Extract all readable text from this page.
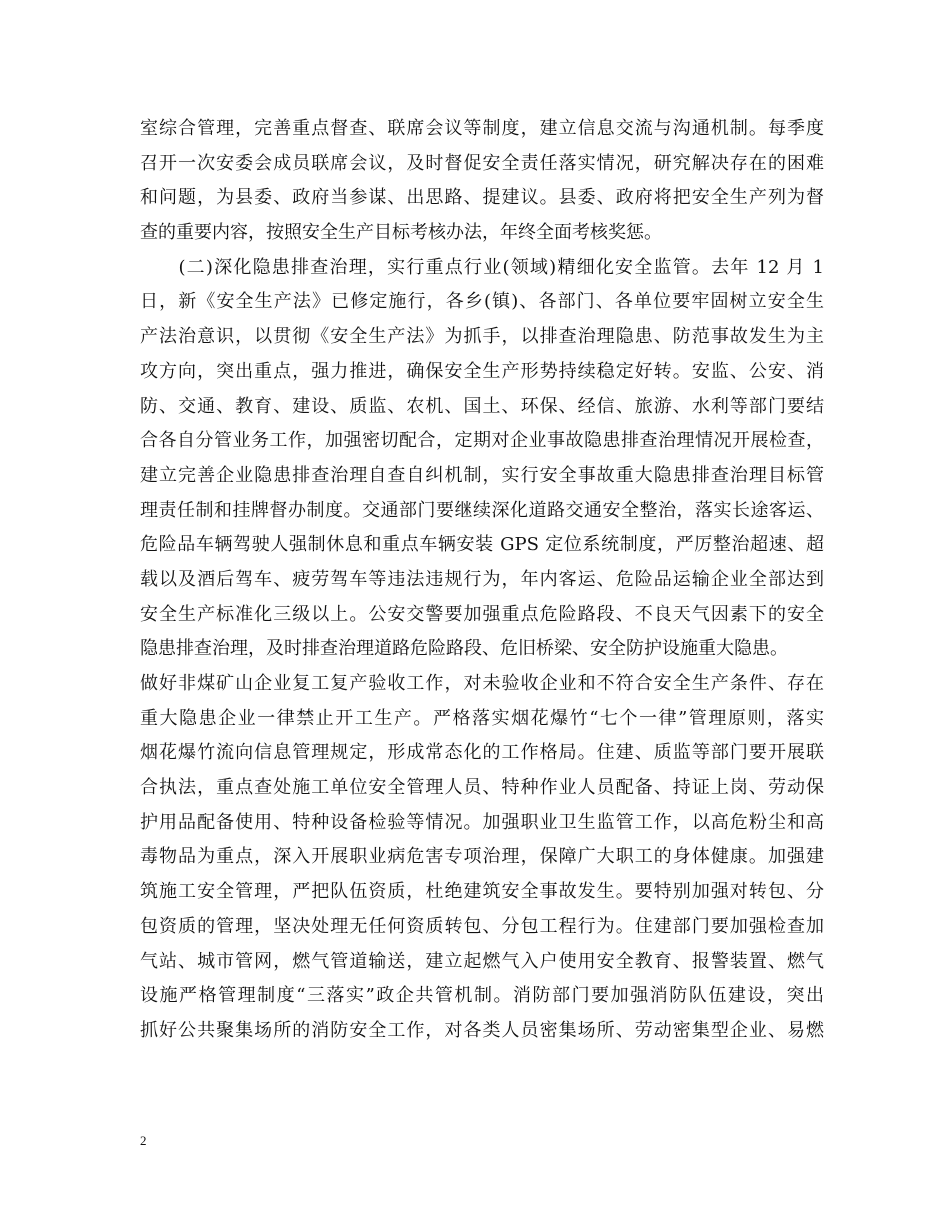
室综合管理，完善重点督查、联席会议等制度，建立信息交流与沟通机制。每季度
召开一次安委会成员联席会议，及时督促安全责任落实情况，研究解决存在的困难
和问题，为县委、政府当参谋、出思路、提建议。县委、政府将把安全生产列为督
查的重要内容，按照安全生产目标考核办法，年终全面考核奖惩。
　　(二)深化隐患排查治理，实行重点行业(领域)精细化安全监管。去年 12 月 1
日，新《安全生产法》已修定施行，各乡(镇)、各部门、各单位要牢固树立安全生
产法治意识，以贯彻《安全生产法》为抓手，以排查治理隐患、防范事故发生为主
攻方向，突出重点，强力推进，确保安全生产形势持续稳定好转。安监、公安、消
防、交通、教育、建设、质监、农机、国土、环保、经信、旅游、水利等部门要结
合各自分管业务工作，加强密切配合，定期对企业事故隐患排查治理情况开展检查，
建立完善企业隐患排查治理自查自纠机制，实行安全事故重大隐患排查治理目标管
理责任制和挂牌督办制度。交通部门要继续深化道路交通安全整治，落实长途客运、
危险品车辆驾驶人强制休息和重点车辆安装 GPS 定位系统制度，严厉整治超速、超
载以及酒后驾车、疲劳驾车等违法违规行为，年内客运、危险品运输企业全部达到
安全生产标准化三级以上。公安交警要加强重点危险路段、不良天气因素下的安全
隐患排查治理，及时排查治理道路危险路段、危旧桥梁、安全防护设施重大隐患。
做好非煤矿山企业复工复产验收工作，对未验收企业和不符合安全生产条件、存在
重大隐患企业一律禁止开工生产。严格落实烟花爆竹“七个一律”管理原则，落实
烟花爆竹流向信息管理规定，形成常态化的工作格局。住建、质监等部门要开展联
合执法，重点查处施工单位安全管理人员、特种作业人员配备、持证上岗、劳动保
护用品配备使用、特种设备检验等情况。加强职业卫生监管工作，以高危粉尘和高
毒物品为重点，深入开展职业病危害专项治理，保障广大职工的身体健康。加强建
筑施工安全管理，严把队伍资质，杜绝建筑安全事故发生。要特别加强对转包、分
包资质的管理，坚决处理无任何资质转包、分包工程行为。住建部门要加强检查加
气站、城市管网，燃气管道输送，建立起燃气入户使用安全教育、报警装置、燃气
设施严格管理制度“三落实”政企共管机制。消防部门要加强消防队伍建设，突出
抓好公共聚集场所的消防安全工作，对各类人员密集场所、劳动密集型企业、易燃
2
